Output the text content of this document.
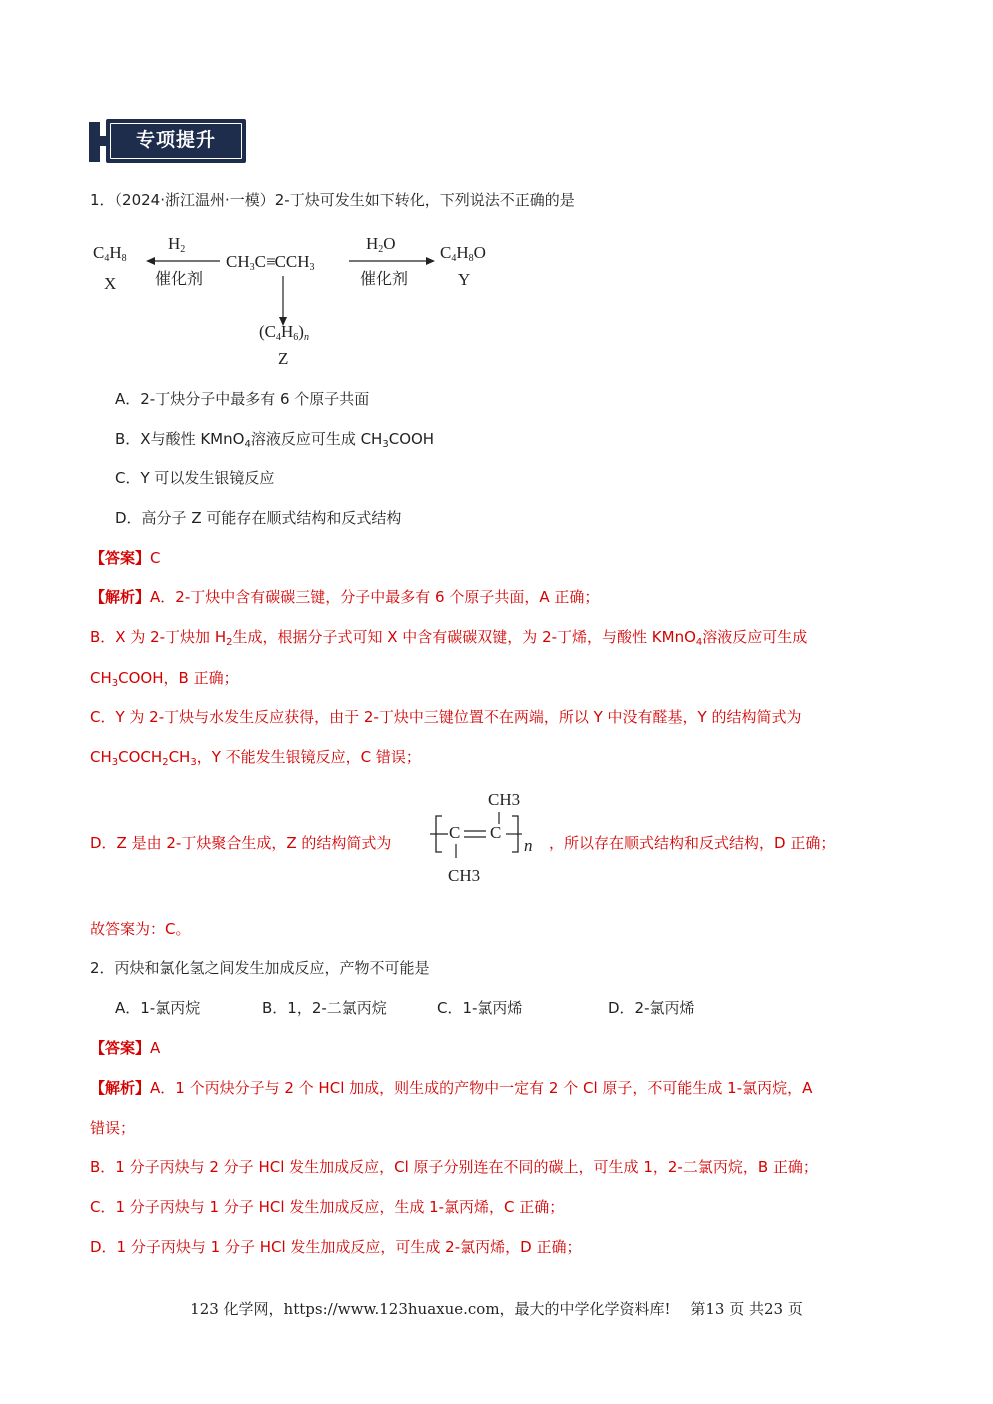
专项提升
1．（2024·浙江温州·一模）2-丁炔可发生如下转化，下列说法不正确的是
$C_4H_8$
X
$H_2$
催化剂
$CH_3C\equiv CCH_3$
$H_2O$
催化剂
$C_4H_8O$
Y
$(C_4H_6)_n$
Z
A．2-丁炔分子中最多有 6 个原子共面
B．X与酸性 KMnO$_4$溶液反应可生成 $CH_3COOH$
C．Y 可以发生银镜反应
D．高分子 Z 可能存在顺式结构和反式结构
【答案】C
【解析】A．2-丁炔中含有碳碳三键，分子中最多有 6 个原子共面，A 正确；
B．X 为 2-丁炔加 $H_2$生成，根据分子式可知 X 中含有碳碳双键，为 2-丁烯，与酸性 KMnO$_4$溶液反应可生成
$CH_3COOH$，B 正确；
C．Y 为 2-丁炔与水发生反应获得，由于 2-丁炔中三键位置不在两端，所以 Y 中没有醛基，Y 的结构简式为
$CH_3COCH_2CH_3$，Y 不能发生银镜反应，C 错误；
D．Z 是由 2-丁炔聚合生成，Z 的结构简式为
CH3
C C
n
CH3
，所以存在顺式结构和反式结构，D 正确；
故答案为：C。
2．丙炔和氯化氢之间发生加成反应，产物不可能是
A．1-氯丙烷	B．1，2-二氯丙烷	C．1-氯丙烯	D．2-氯丙烯
【答案】A
【解析】A．1 个丙炔分子与 2 个 HCl 加成，则生成的产物中一定有 2 个 Cl 原子，不可能生成 1-氯丙烷，A
错误；
B．1 分子丙炔与 2 分子 HCl 发生加成反应，Cl 原子分别连在不同的碳上，可生成 1，2-二氯丙烷，B 正确；
C．1 分子丙炔与 1 分子 HCl 发生加成反应，生成 1-氯丙烯，C 正确；
D．1 分子丙炔与 1 分子 HCl 发生加成反应，可生成 2-氯丙烯，D 正确；
123 化学网，https://www.123huaxue.com，最大的中学化学资料库!　 第13 页 共23 页
